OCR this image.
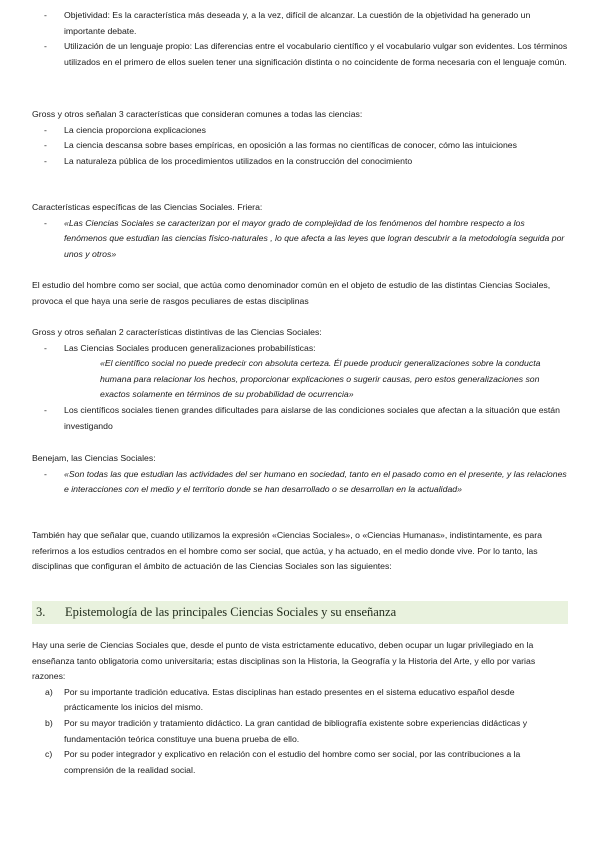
- Objetividad: Es la característica más deseada y, a la vez, difícil de alcanzar. La cuestión de la objetividad ha generado un importante debate.
- Utilización de un lenguaje propio: Las diferencias entre el vocabulario científico y el vocabulario vulgar son evidentes. Los términos utilizados en el primero de ellos suelen tener una significación distinta o no coincidente de forma necesaria con el lenguaje común.

Gross y otros señalan 3 características que consideran comunes a todas las ciencias:

- La ciencia proporciona explicaciones
- La ciencia descansa sobre bases empíricas, en oposición a las formas no científicas de conocer, cómo las intuiciones
- La naturaleza pública de los procedimientos utilizados en la construcción del conocimiento

Características específicas de las Ciencias Sociales. Friera:

- «Las Ciencias Sociales se caracterizan por el mayor grado de complejidad de los fenómenos del hombre respecto a los fenómenos que estudian las ciencias físico-naturales , lo que afecta a las leyes que logran descubrir a la metodología seguida por unos y otros»

El estudio del hombre como ser social, que actúa como denominador común en el objeto de estudio de las distintas Ciencias Sociales, provoca el que haya una serie de rasgos peculiares de estas disciplinas

Gross y otros señalan 2 características distintivas de las Ciencias Sociales:

- Las Ciencias Sociales producen generalizaciones probabilísticas:

«El científico social no puede predecir con absoluta certeza. Él puede producir generalizaciones sobre la conducta humana para relacionar los hechos, proporcionar explicaciones o sugerir causas, pero estos generalizaciones son exactos solamente en términos de su probabilidad de ocurrencia»

- Los científicos sociales tienen grandes dificultades para aislarse de las condiciones sociales que afectan a la situación que están investigando

Benejam, las Ciencias Sociales:

- «Son todas las que estudian las actividades del ser humano en sociedad, tanto en el pasado como en el presente, y las relaciones e interacciones con el medio y el territorio donde se han desarrollado o se desarrollan en la actualidad»

También hay que señalar que, cuando utilizamos la expresión «Ciencias Sociales», o «Ciencias Humanas», indistintamente, es para referirnos a los estudios centrados en el hombre como ser social, que actúa, y ha actuado, en el medio donde vive. Por lo tanto, las disciplinas que configuran el ámbito de actuación de las Ciencias Sociales son las siguientes:

3. Epistemología de las principales Ciencias Sociales y su enseñanza

Hay una serie de Ciencias Sociales que, desde el punto de vista estrictamente educativo, deben ocupar un lugar privilegiado en la enseñanza tanto obligatoria como universitaria; estas disciplinas son la Historia, la Geografía y la Historia del Arte, y ello por varias razones:

a) Por su importante tradición educativa. Estas disciplinas han estado presentes en el sistema educativo español desde prácticamente los inicios del mismo.
b) Por su mayor tradición y tratamiento didáctico. La gran cantidad de bibliografía existente sobre experiencias didácticas y fundamentación teórica constituye una buena prueba de ello.
c) Por su poder integrador y explicativo en relación con el estudio del hombre como ser social, por las contribuciones a la comprensión de la realidad social.
